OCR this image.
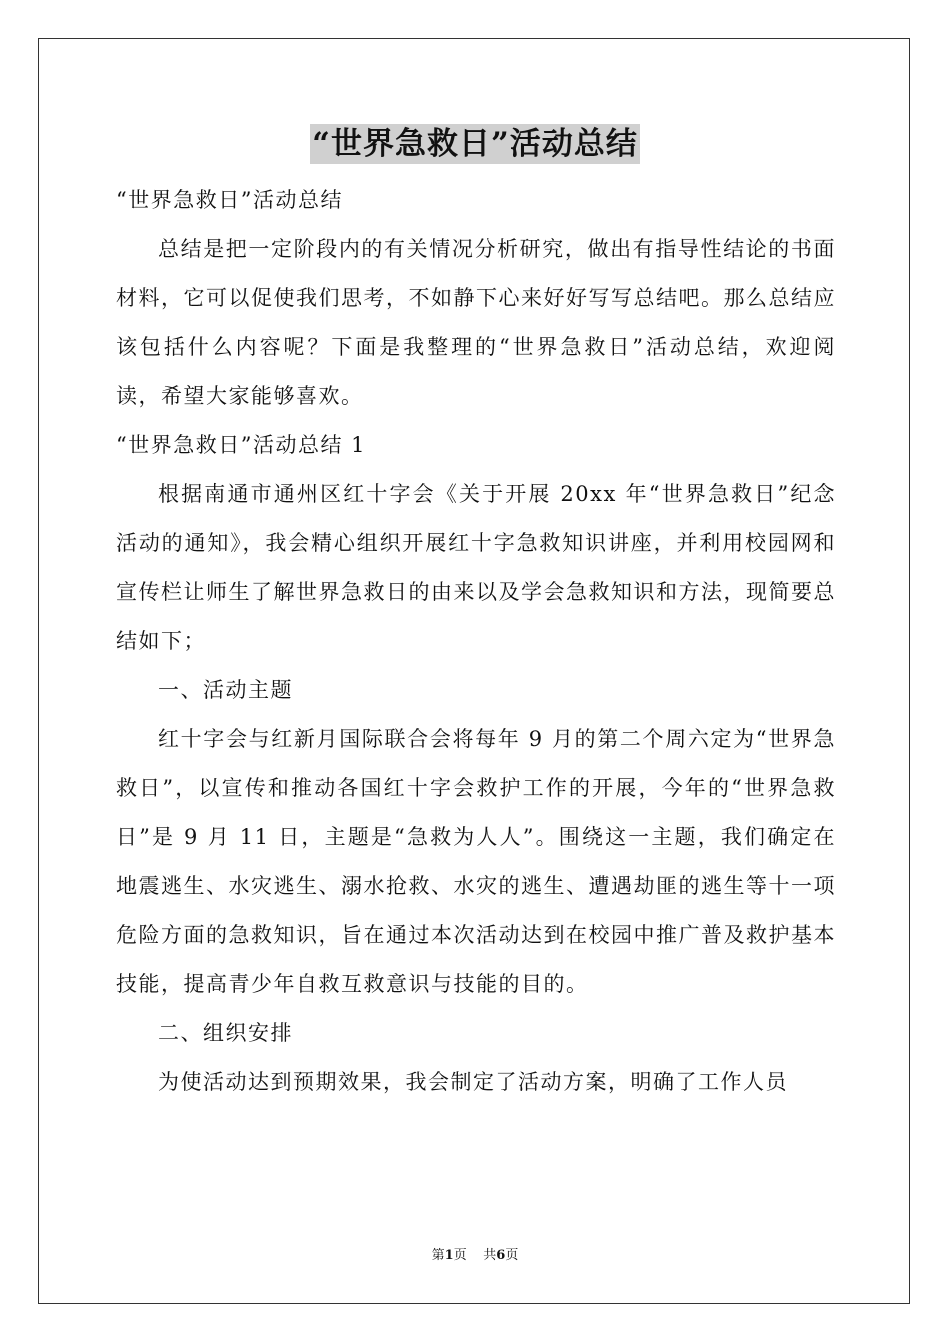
“世界急救日”活动总结

“世界急救日”活动总结

总结是把一定阶段内的有关情况分析研究，做出有指导性结论的书面材料，它可以促使我们思考，不如静下心来好好写写总结吧。那么总结应该包括什么内容呢？下面是我整理的“世界急救日”活动总结，欢迎阅读，希望大家能够喜欢。

“世界急救日”活动总结 1

根据南通市通州区红十字会《关于开展 20xx 年“世界急救日”纪念活动的通知》，我会精心组织开展红十字急救知识讲座，并利用校园网和宣传栏让师生了解世界急救日的由来以及学会急救知识和方法，现简要总结如下；

一、活动主题

红十字会与红新月国际联合会将每年 9 月的第二个周六定为“世界急救日”，以宣传和推动各国红十字会救护工作的开展，今年的“世界急救日”是 9 月 11 日，主题是“急救为人人”。围绕这一主题，我们确定在地震逃生、水灾逃生、溺水抢救、水灾的逃生、遭遇劫匪的逃生等十一项危险方面的急救知识，旨在通过本次活动达到在校园中推广普及救护基本技能，提高青少年自救互救意识与技能的目的。

二、组织安排

为使活动达到预期效果，我会制定了活动方案，明确了工作人员

第1页 共6页
